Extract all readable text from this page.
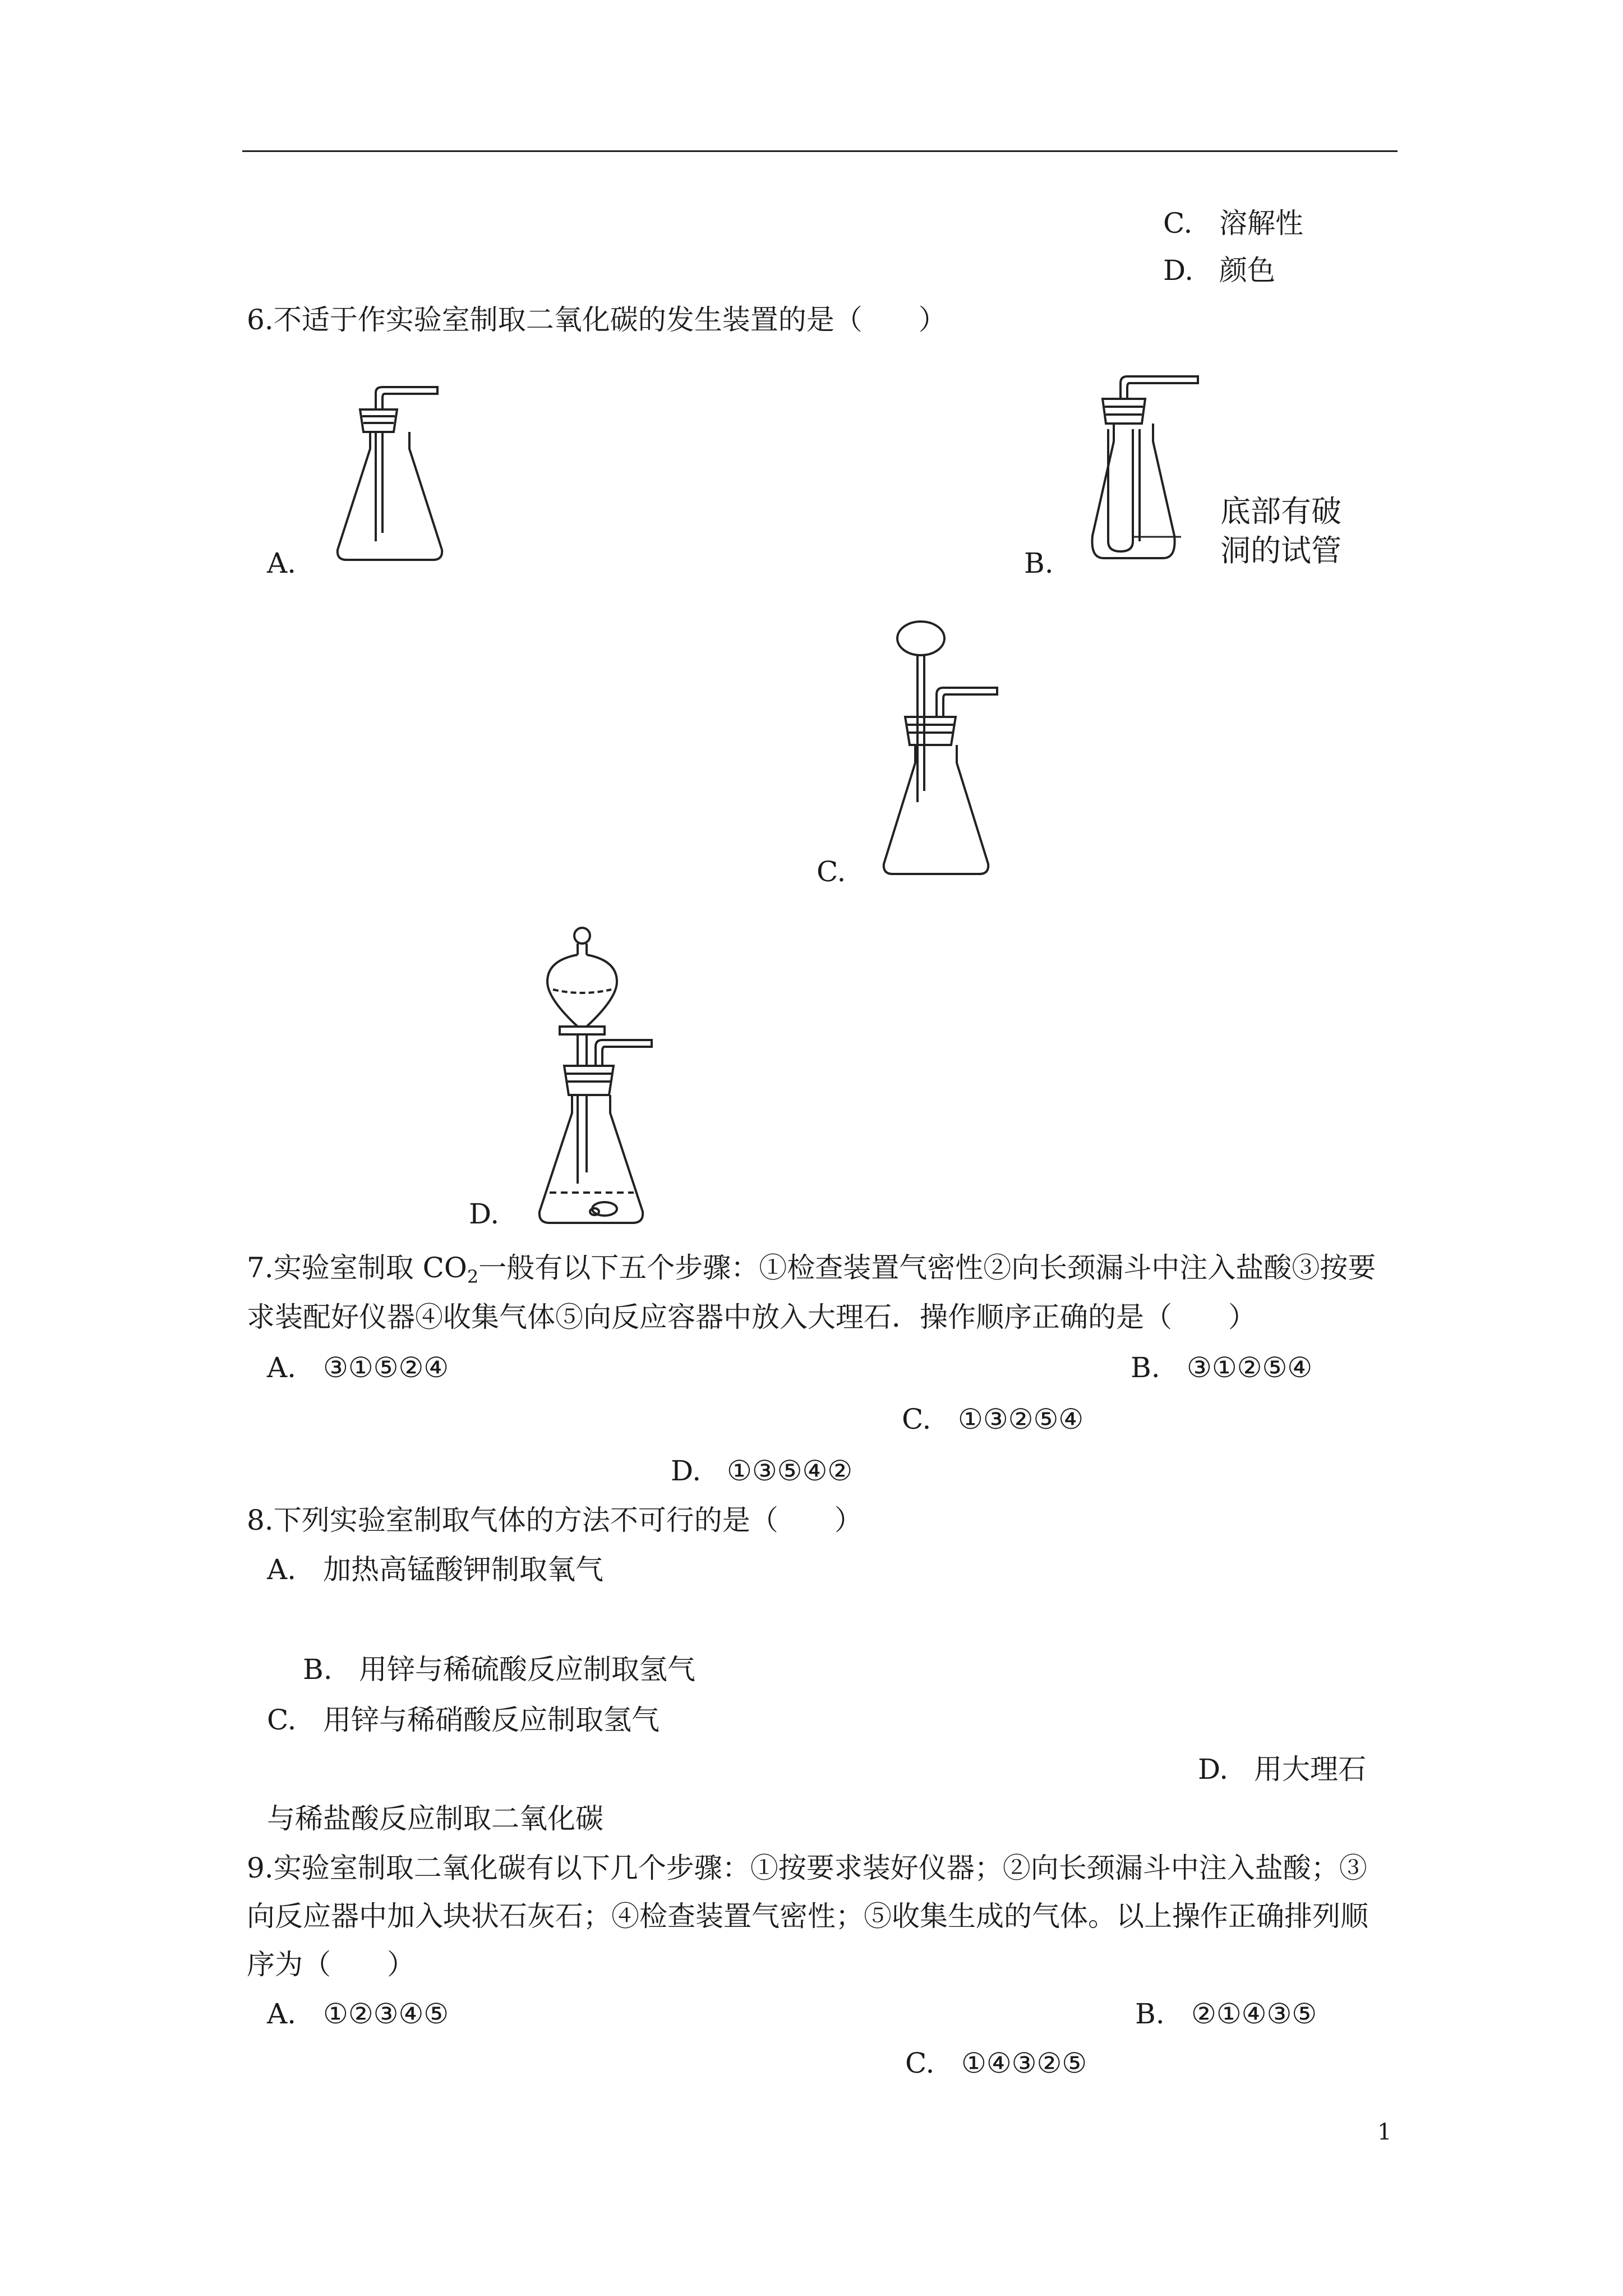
C. 溶解性
D. 颜色
6.不适于作实验室制取二氧化碳的发生装置的是（　　）
A.
底部有破
洞的试管
B.
C.
D.
7.实验室制取 $CO_2$一般有以下五个步骤：①检查装置气密性②向长颈漏斗中注入盐酸③按要
求装配好仪器④收集气体⑤向反应容器中放入大理石．操作顺序正确的是（　　）
A. ③①⑤②④	B. ③①②⑤④
C. ①③②⑤④
D. ①③⑤④②
8.下列实验室制取气体的方法不可行的是（　　）
A. 加热高锰酸钾制取氧气
B. 用锌与稀硫酸反应制取氢气
C. 用锌与稀硝酸反应制取氢气
D. 用大理石
与稀盐酸反应制取二氧化碳
9.实验室制取二氧化碳有以下几个步骤：①按要求装好仪器；②向长颈漏斗中注入盐酸；③
向反应器中加入块状石灰石；④检查装置气密性；⑤收集生成的气体。以上操作正确排列顺
序为（　　）
A. ①②③④⑤	B. ②①④③⑤
C. ①④③②⑤
1
